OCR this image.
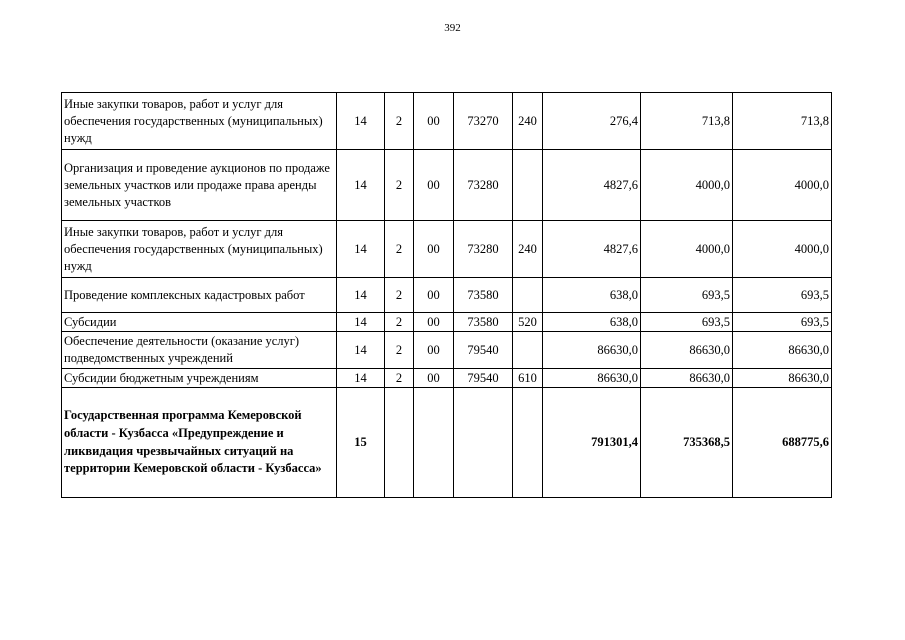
392
Иные закупки товаров, работ и услуг для обеспечения государственных (муниципальных) нужд	14	2	00	73270	240	276,4	713,8	713,8
Организация и проведение аукционов по продаже земельных участков или продаже права аренды земельных участков	14	2	00	73280		4827,6	4000,0	4000,0
Иные закупки товаров, работ и услуг для обеспечения государственных (муниципальных) нужд	14	2	00	73280	240	4827,6	4000,0	4000,0
Проведение комплексных кадастровых работ	14	2	00	73580		638,0	693,5	693,5
Субсидии	14	2	00	73580	520	638,0	693,5	693,5
Обеспечение деятельности (оказание услуг) подведомственных учреждений	14	2	00	79540		86630,0	86630,0	86630,0
Субсидии бюджетным учреждениям	14	2	00	79540	610	86630,0	86630,0	86630,0
Государственная программа Кемеровской области - Кузбасса «Предупреждение и ликвидация чрезвычайных ситуаций на территории Кемеровской области - Кузбасса»	15					791301,4	735368,5	688775,6
